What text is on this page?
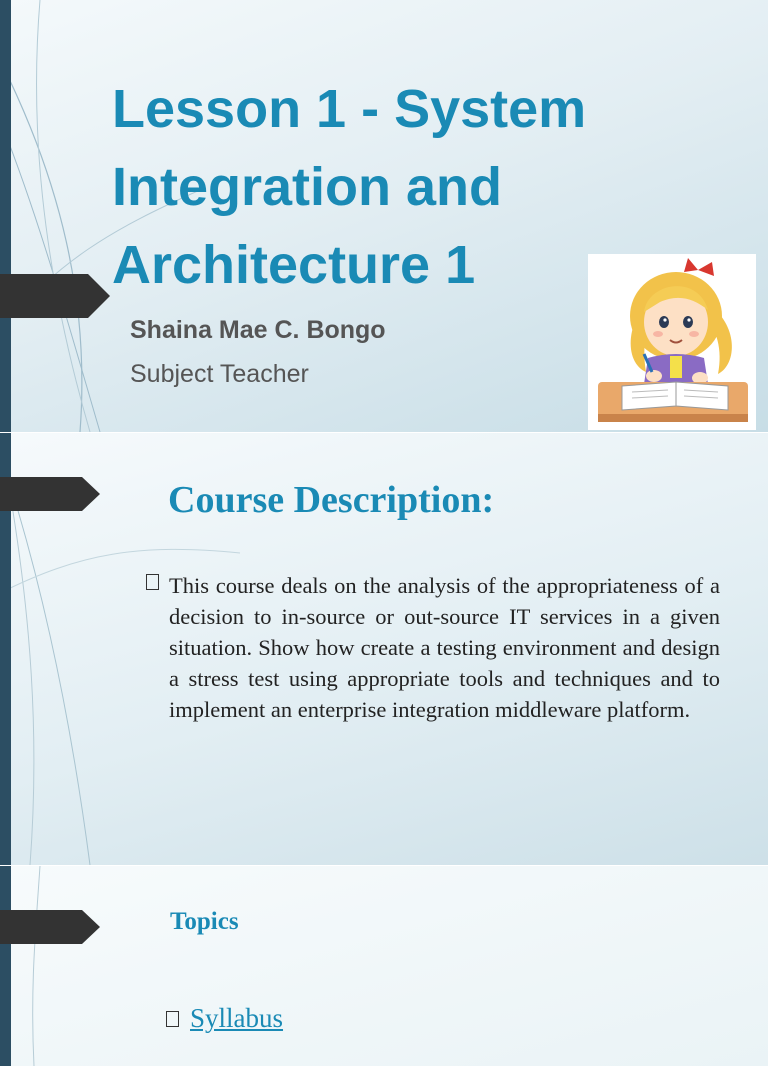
Lesson 1 - System Integration and Architecture 1

Shaina Mae C. Bongo

Subject Teacher

Course Description:

This course deals on the analysis of the appropriateness of a decision to in-source or out-source IT services in a given situation. Show how create a testing environment and design a stress test using appropriate tools and techniques and to implement an enterprise integration middleware platform.

Topics
Syllabus
